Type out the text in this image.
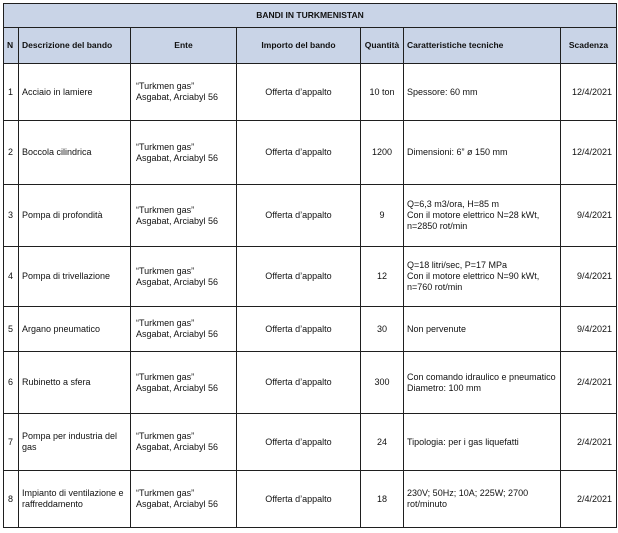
BANDI IN TURKMENISTAN						
N	Descrizione del bando	Ente	Importo del bando	Quantità	Caratteristiche tecniche	Scadenza
1	Acciaio in lamiere	“Turkmen gas”
Asgabat, Arciabyl 56	Offerta d’appalto	10 ton	Spessore: 60 mm	12/4/2021
2	Boccola cilindrica	“Turkmen gas”
Asgabat, Arciabyl 56	Offerta d’appalto	1200	Dimensioni: 6” ø 150 mm	12/4/2021
3	Pompa di profondità	“Turkmen gas”
Asgabat, Arciabyl 56	Offerta d’appalto	9	Q=6,3 m3/ora, H=85 m
Con il motore elettrico N=28 kWt,
n=2850 rot/min	9/4/2021
4	Pompa di trivellazione	“Turkmen gas”
Asgabat, Arciabyl 56	Offerta d’appalto	12	Q=18 litri/sec, P=17 MPa
Con il motore elettrico N=90 kWt,
n=760 rot/min	9/4/2021
5	Argano pneumatico	“Turkmen gas”
Asgabat, Arciabyl 56	Offerta d’appalto	30	Non pervenute	9/4/2021
6	Rubinetto a sfera	“Turkmen gas”
Asgabat, Arciabyl 56	Offerta d’appalto	300	Con comando idraulico e pneumatico
Diametro: 100 mm	2/4/2021
7	Pompa per industria del gas	“Turkmen gas”
Asgabat, Arciabyl 56	Offerta d’appalto	24	Tipologia: per i gas liquefatti	2/4/2021
8	Impianto di ventilazione e raffreddamento	“Turkmen gas”
Asgabat, Arciabyl 56	Offerta d’appalto	18	230V; 50Hz; 10A; 225W; 2700
rot/minuto	2/4/2021
